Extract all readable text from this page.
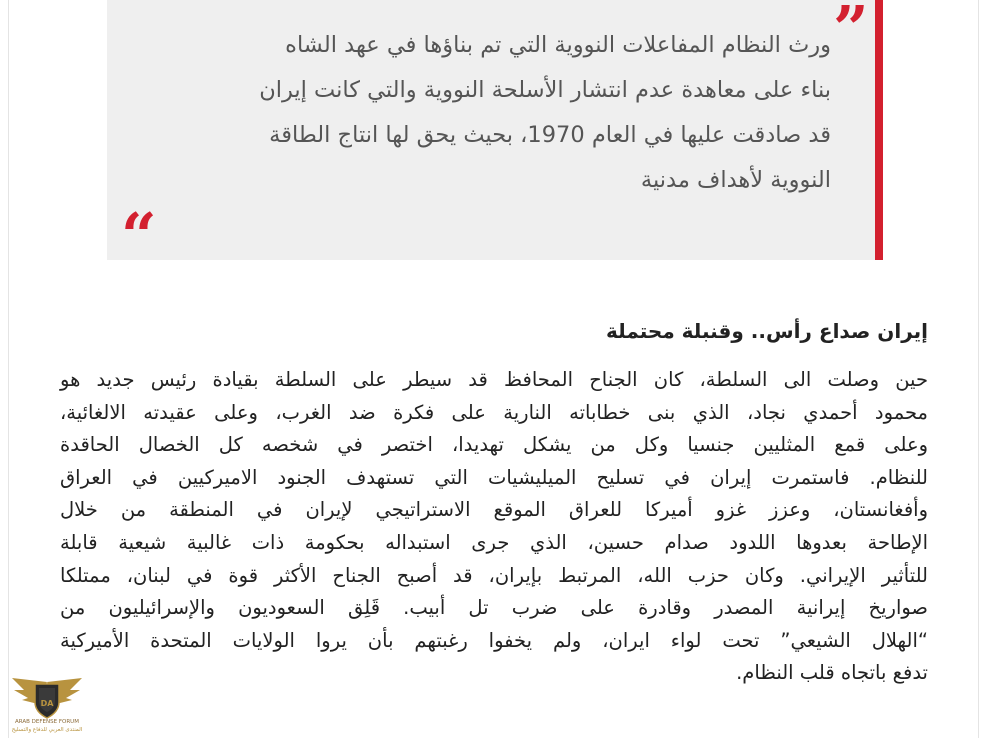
”
ورث النظام المفاعلات النووية التي تم بناؤها في عهد الشاه
بناء على معاهدة عدم انتشار الأسلحة النووية والتي كانت إيران
قد صادقت عليها في العام 1970، بحيث يحق لها انتاج الطاقة
النووية لأهداف مدنية
“
إيران صداع رأس.. وقنبلة محتملة
حين وصلت الى السلطة، كان الجناح المحافظ قد سيطر على السلطة بقيادة رئيس جديد هو
محمود أحمدي نجاد، الذي بنى خطاباته النارية على فكرة ضد الغرب، وعلى عقيدته الالغائية،
وعلى قمع المثليين جنسيا وكل من يشكل تهديدا، اختصر في شخصه كل الخصال الحاقدة
للنظام. فاستمرت إيران في تسليح الميليشيات التي تستهدف الجنود الاميركيين في العراق
وأفغانستان، وعزز غزو أميركا للعراق الموقع الاستراتيجي لإيران في المنطقة من خلال
الإطاحة بعدوها اللدود صدام حسين، الذي جرى استبداله بحكومة ذات غالبية شيعية قابلة
للتأثير الإيراني. وكان حزب الله، المرتبط بإيران، قد أصبح الجناح الأكثر قوة في لبنان، ممتلكا
صواريخ إيرانية المصدر وقادرة على ضرب تل أبيب. قَلِق السعوديون والإسرائيليون من
“الهلال الشيعي” تحت لواء ايران، ولم يخفوا رغبتهم بأن يروا الولايات المتحدة الأميركية
تدفع باتجاه قلب النظام.
DA
ARAB DEFENSE FORUM
المنتدى العربي للدفاع والتسليح
